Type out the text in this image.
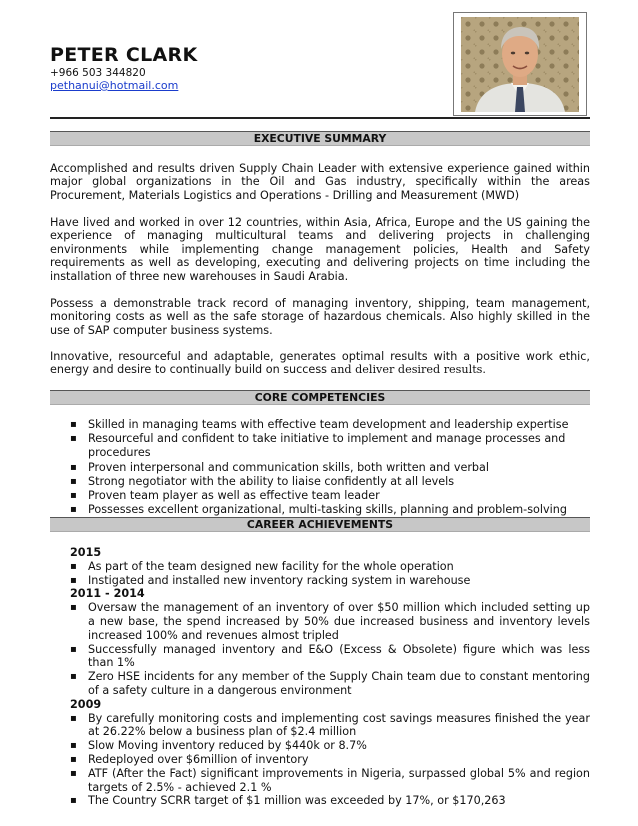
PETER CLARK
+966 503 344820
pethanui@hotmail.com
EXECUTIVE SUMMARY

Accomplished and results driven Supply Chain Leader with extensive experience gained within major global organizations in the Oil and Gas industry, specifically within the areas Procurement, Materials Logistics and Operations - Drilling and Measurement (MWD)

Have lived and worked in over 12 countries, within Asia, Africa, Europe and the US gaining the experience of managing multicultural teams and delivering projects in challenging environments while implementing change management policies, Health and Safety requirements as well as developing, executing and delivering projects on time including the installation of three new warehouses in Saudi Arabia.

Possess a demonstrable track record of managing inventory, shipping, team management, monitoring costs as well as the safe storage of hazardous chemicals. Also highly skilled in the use of SAP computer business systems.

Innovative, resourceful and adaptable, generates optimal results with a positive work ethic, energy and desire to continually build on success and deliver desired results.

CORE COMPETENCIES
▪ Skilled in managing teams with effective team development and leadership expertise
▪ Resourceful and confident to take initiative to implement and manage processes and procedures
▪ Proven interpersonal and communication skills, both written and verbal
▪ Strong negotiator with the ability to liaise confidently at all levels
▪ Proven team player as well as effective team leader
▪ Possesses excellent organizational, multi-tasking skills, planning and problem-solving
CAREER ACHIEVEMENTS
2015
▪ As part of the team designed new facility for the whole operation
▪ Instigated and installed new inventory racking system in warehouse
2011 - 2014
▪ Oversaw the management of an inventory of over $50 million which included setting up a new base, the spend increased by 50% due increased business and inventory levels increased 100% and revenues almost tripled
▪ Successfully managed inventory and E&O (Excess & Obsolete) figure which was less than 1%
▪ Zero HSE incidents for any member of the Supply Chain team due to constant mentoring of a safety culture in a dangerous environment
2009
▪ By carefully monitoring costs and implementing cost savings measures finished the year at 26.22% below a business plan of $2.4 million
▪ Slow Moving inventory reduced by $440k or 8.7%
▪ Redeployed over $6million of inventory
▪ ATF (After the Fact) significant improvements in Nigeria, surpassed global 5% and region targets of 2.5% - achieved 2.1 %
▪ The Country SCRR target of $1 million was exceeded by 17%, or $170,263
